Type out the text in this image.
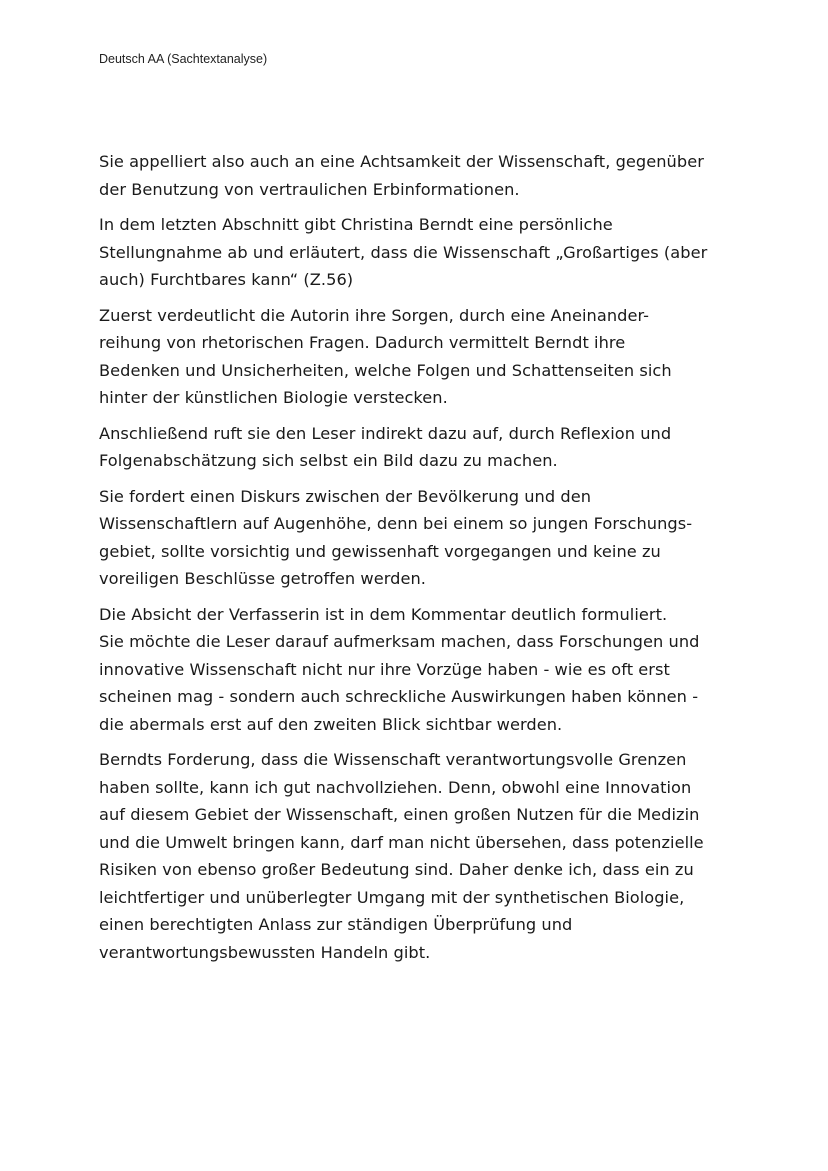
Deutsch AA (Sachtextanalyse)

Sie appelliert also auch an eine Achtsamkeit der Wissenschaft, gegenüber
der Benutzung von vertraulichen Erbinformationen.

In dem letzten Abschnitt gibt Christina Berndt eine persönliche
Stellungnahme ab und erläutert, dass die Wissenschaft „Großartiges (aber
auch) Furchtbares kann“ (Z.56)

Zuerst verdeutlicht die Autorin ihre Sorgen, durch eine Aneinander-
reihung von rhetorischen Fragen. Dadurch vermittelt Berndt ihre
Bedenken und Unsicherheiten, welche Folgen und Schattenseiten sich
hinter der künstlichen Biologie verstecken.

Anschließend ruft sie den Leser indirekt dazu auf, durch Reflexion und
Folgenabschätzung sich selbst ein Bild dazu zu machen.

Sie fordert einen Diskurs zwischen der Bevölkerung und den
Wissenschaftlern auf Augenhöhe, denn bei einem so jungen Forschungs-
gebiet, sollte vorsichtig und gewissenhaft vorgegangen und keine zu
voreiligen Beschlüsse getroffen werden.

Die Absicht der Verfasserin ist in dem Kommentar deutlich formuliert.
Sie möchte die Leser darauf aufmerksam machen, dass Forschungen und
innovative Wissenschaft nicht nur ihre Vorzüge haben - wie es oft erst
scheinen mag - sondern auch schreckliche Auswirkungen haben können -
die abermals erst auf den zweiten Blick sichtbar werden.

Berndts Forderung, dass die Wissenschaft verantwortungsvolle Grenzen
haben sollte, kann ich gut nachvollziehen. Denn, obwohl eine Innovation
auf diesem Gebiet der Wissenschaft, einen großen Nutzen für die Medizin
und die Umwelt bringen kann, darf man nicht übersehen, dass potenzielle
Risiken von ebenso großer Bedeutung sind. Daher denke ich, dass ein zu
leichtfertiger und unüberlegter Umgang mit der synthetischen Biologie,
einen berechtigten Anlass zur ständigen Überprüfung und
verantwortungsbewussten Handeln gibt.
